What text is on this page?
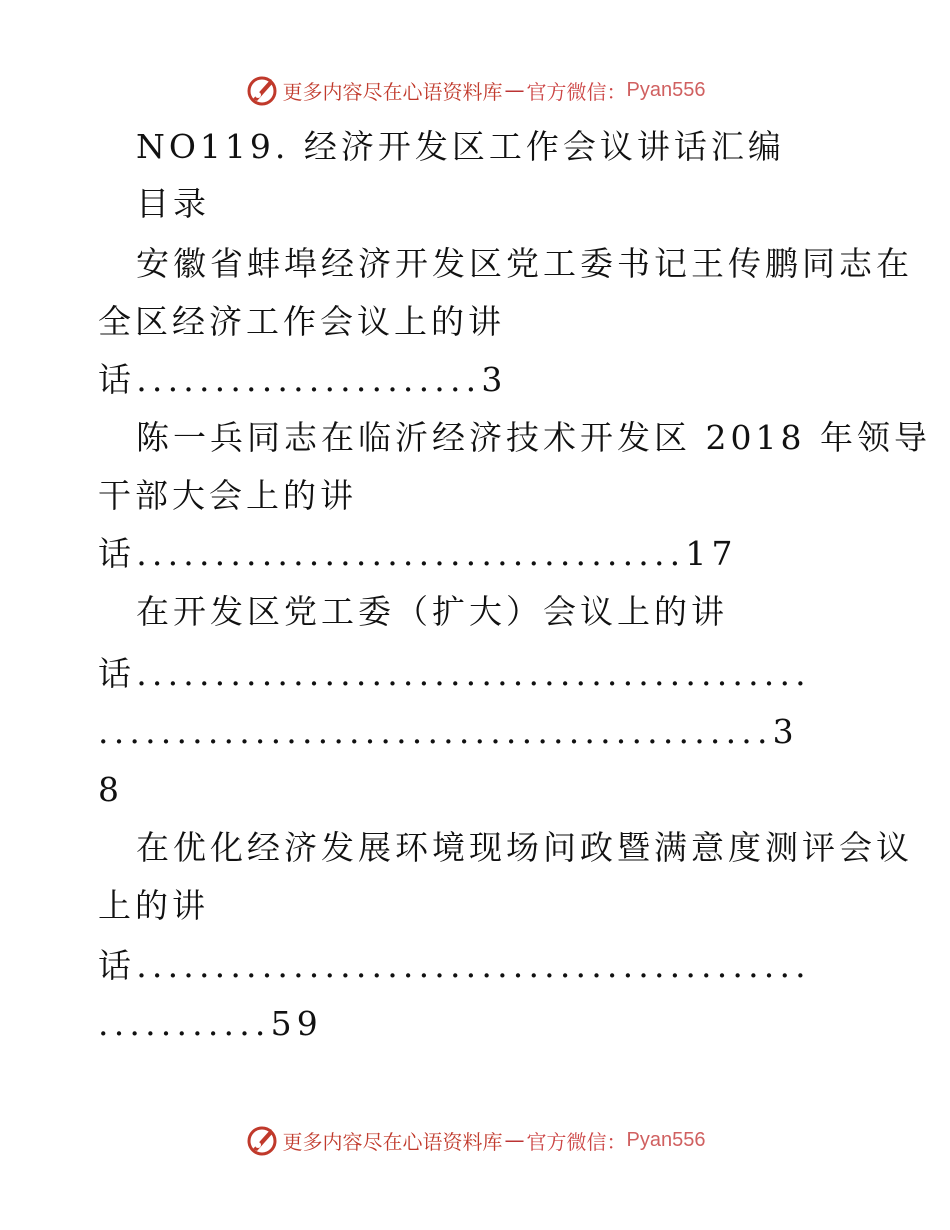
更多内容尽在心语资料库 — 官方微信： Pyan556
NO119. 经济开发区工作会议讲话汇编
目录
安徽省蚌埠经济开发区党工委书记王传鹏同志在
全区经济工作会议上的讲
话......................3
陈一兵同志在临沂经济技术开发区 2018 年领导
干部大会上的讲
话...................................17
在开发区党工委（扩大）会议上的讲
话...........................................
...........................................3
8
在优化经济发展环境现场问政暨满意度测评会议
上的讲
话...........................................
...........59
更多内容尽在心语资料库 — 官方微信： Pyan556
